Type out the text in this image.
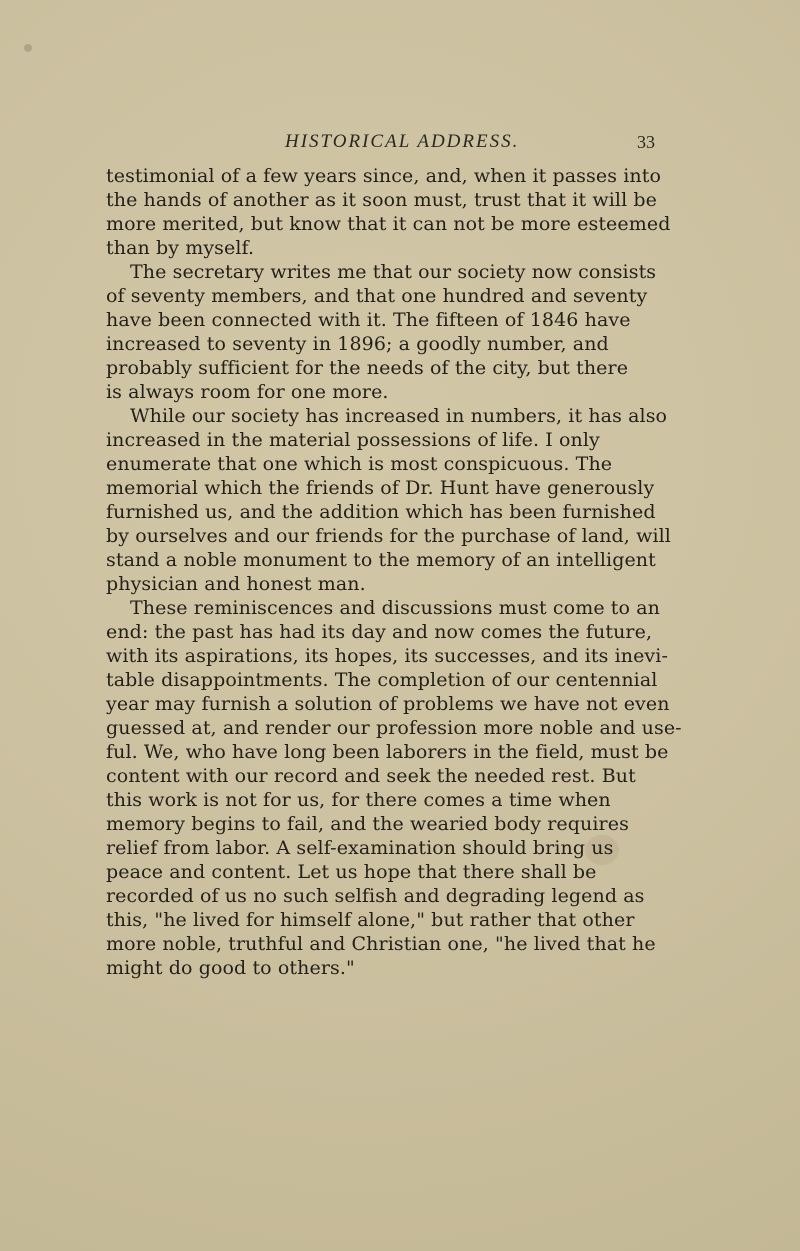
HISTORICAL ADDRESS.	33
testimonial of a few years since, and, when it passes into
the hands of another as it soon must, trust that it will be
more merited, but know that it can not be more esteemed
than by myself.
The secretary writes me that our society now consists
of seventy members, and that one hundred and seventy
have been connected with it. The fifteen of 1846 have
increased to seventy in 1896; a goodly number, and
probably sufficient for the needs of the city, but there
is always room for one more.
While our society has increased in numbers, it has also
increased in the material possessions of life. I only
enumerate that one which is most conspicuous. The
memorial which the friends of Dr. Hunt have generously
furnished us, and the addition which has been furnished
by ourselves and our friends for the purchase of land, will
stand a noble monument to the memory of an intelligent
physician and honest man.
These reminiscences and discussions must come to an
end: the past has had its day and now comes the future,
with its aspirations, its hopes, its successes, and its inevi-
table disappointments. The completion of our centennial
year may furnish a solution of problems we have not even
guessed at, and render our profession more noble and use-
ful. We, who have long been laborers in the field, must be
content with our record and seek the needed rest. But
this work is not for us, for there comes a time when
memory begins to fail, and the wearied body requires
relief from labor. A self-examination should bring us
peace and content. Let us hope that there shall be
recorded of us no such selfish and degrading legend as
this, "he lived for himself alone," but rather that other
more noble, truthful and Christian one, "he lived that he
might do good to others."
